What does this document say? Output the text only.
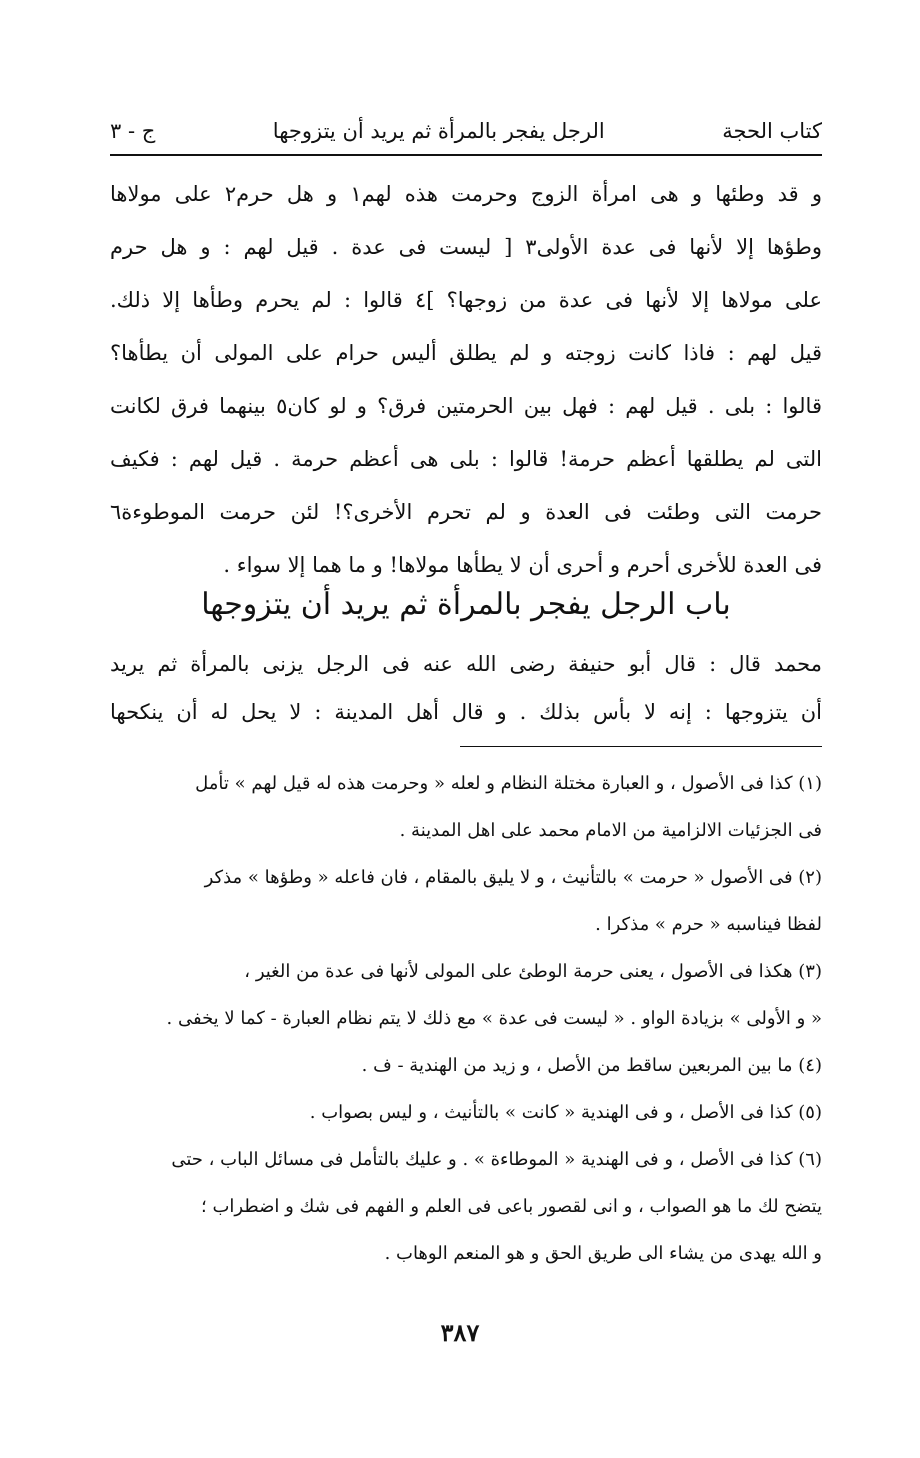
كتاب الحجة
الرجل يفجر بالمرأة ثم يريد أن يتزوجها
ج - ٣
و قد وطئها و هى امرأة الزوج وحرمت هذه لهم١ و هل حرم٢ على مولاها
وطؤها إلا لأنها فى عدة الأولى٣ [ ليست فى عدة . قيل لهم : و هل حرم
على مولاها إلا لأنها فى عدة من زوجها؟ ]٤ قالوا : لم يحرم وطأها إلا ذلك.
قيل لهم : فاذا كانت زوجته و لم يطلق أليس حرام على المولى أن يطأها؟
قالوا : بلى . قيل لهم : فهل بين الحرمتين فرق؟ و لو كان٥ بينهما فرق لكانت
التى لم يطلقها أعظم حرمة! قالوا : بلى هى أعظم حرمة . قيل لهم : فكيف
حرمت التى وطئت فى العدة و لم تحرم الأخرى؟! لئن حرمت الموطوءة٦
فى العدة للأخرى أحرم و أحرى أن لا يطأها مولاها! و ما هما إلا سواء .
باب الرجل يفجر بالمرأة ثم يريد أن يتزوجها
محمد قال : قال أبو حنيفة رضى الله عنه فى الرجل يزنى بالمرأة ثم يريد
أن يتزوجها : إنه لا بأس بذلك . و قال أهل المدينة : لا يحل له أن ينكحها
(١) كذا فى الأصول ، و العبارة مختلة النظام و لعله « وحرمت هذه له قيل لهم » تأمل
فى الجزئيات الالزامية من الامام محمد على اهل المدينة .
(٢) فى الأصول « حرمت » بالتأنيث ، و لا يليق بالمقام ، فان فاعله « وطؤها » مذكر
لفظا فيناسبه « حرم » مذكرا .
(٣) هكذا فى الأصول ، يعنى حرمة الوطئ على المولى لأنها فى عدة من الغير ،
« و الأولى » بزيادة الواو . « ليست فى عدة » مع ذلك لا يتم نظام العبارة - كما لا يخفى .
(٤) ما بين المربعين ساقط من الأصل ، و زيد من الهندية - ف .
(٥) كذا فى الأصل ، و فى الهندية « كانت » بالتأنيث ، و ليس بصواب .
(٦) كذا فى الأصل ، و فى الهندية « الموطاءة » . و عليك بالتأمل فى مسائل الباب ، حتى
يتضح لك ما هو الصواب ، و انى لقصور باعى فى العلم و الفهم فى شك و اضطراب ؛
و الله يهدى من يشاء الى طريق الحق و هو المنعم الوهاب .
٣٨٧
